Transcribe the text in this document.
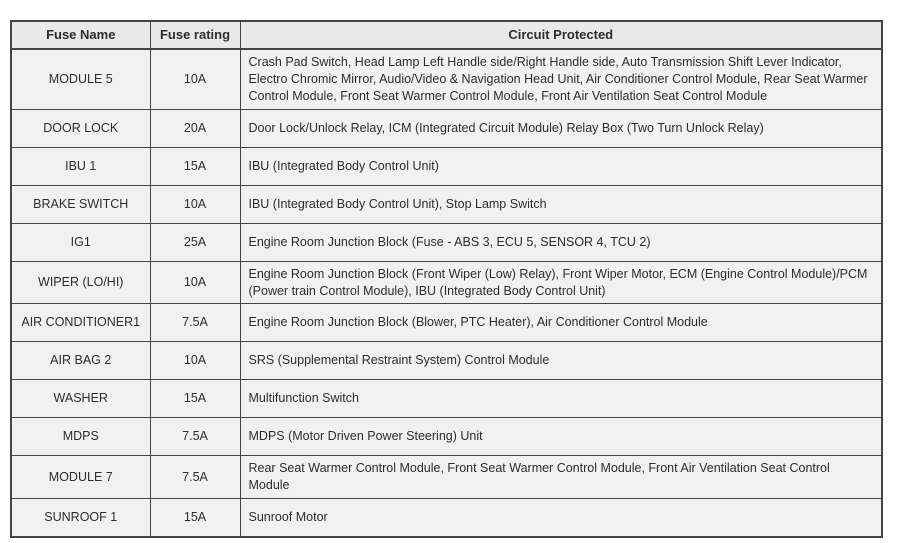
Fuse Name	Fuse rating	Circuit Protected
MODULE 5	10A	Crash Pad Switch, Head Lamp Left Handle side/Right Handle side, Auto Transmission Shift Lever Indicator, Electro Chromic Mirror, Audio/Video & Navigation Head Unit, Air Conditioner Control Module, Rear Seat Warmer Control Module, Front Seat Warmer Control Module, Front Air Ventilation Seat Control Module
DOOR LOCK	20A	Door Lock/Unlock Relay, ICM (Integrated Circuit Module) Relay Box (Two Turn Unlock Relay)
IBU 1	15A	IBU (Integrated Body Control Unit)
BRAKE SWITCH	10A	IBU (Integrated Body Control Unit), Stop Lamp Switch
IG1	25A	Engine Room Junction Block (Fuse - ABS 3, ECU 5, SENSOR 4, TCU 2)
WIPER (LO/HI)	10A	Engine Room Junction Block (Front Wiper (Low) Relay), Front Wiper Motor, ECM (Engine Control Module)/PCM (Power train Control Module), IBU (Integrated Body Control Unit)
AIR CONDITIONER1	7.5A	Engine Room Junction Block (Blower, PTC Heater), Air Conditioner Control Module
AIR BAG 2	10A	SRS (Supplemental Restraint System) Control Module
WASHER	15A	Multifunction Switch
MDPS	7.5A	MDPS (Motor Driven Power Steering) Unit
MODULE 7	7.5A	Rear Seat Warmer Control Module, Front Seat Warmer Control Module, Front Air Ventilation Seat Control Module
SUNROOF 1	15A	Sunroof Motor
